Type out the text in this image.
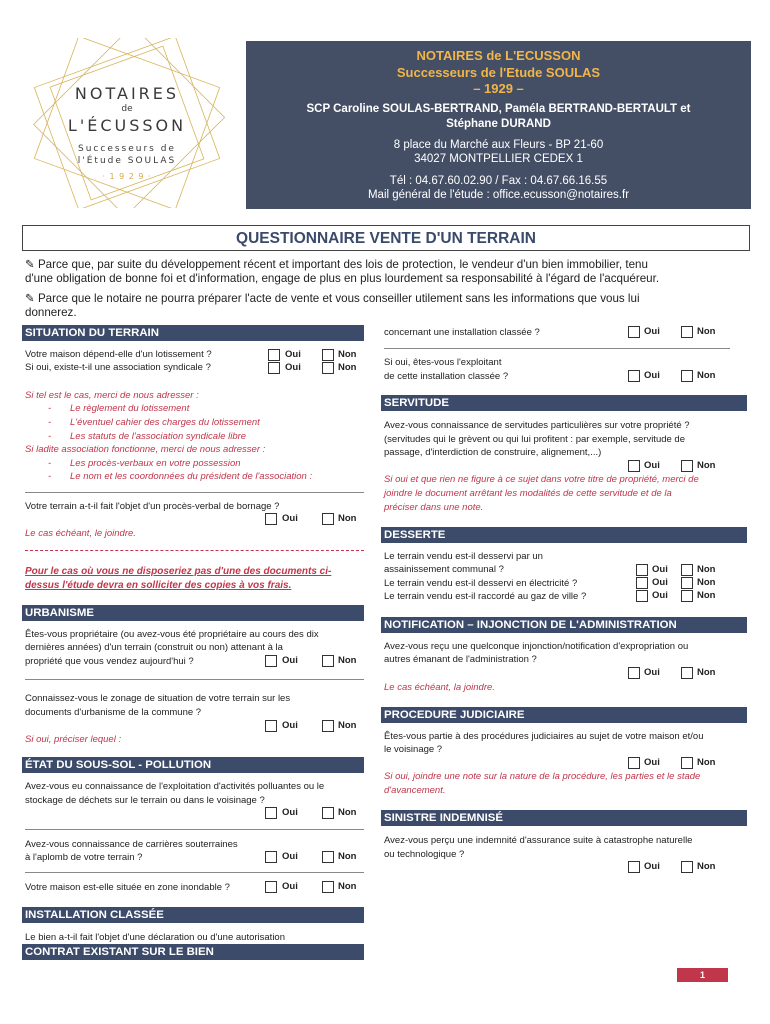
NOTAIRES
de
L'ÉCUSSON
Successeurs de
l'Étude SOULAS
· 1 9 2 9 ·
NOTAIRES de L'ECUSSON
Successeurs de l'Etude SOULAS
– 1929 –
SCP Caroline SOULAS-BERTRAND, Paméla BERTRAND-BERTAULT et
Stéphane DURAND
8 place du Marché aux Fleurs - BP 21-60
34027 MONTPELLIER CEDEX 1
Tél : 04.67.60.02.90 / Fax : 04.67.66.16.55
Mail général de l'étude : office.ecusson@notaires.fr
QUESTIONNAIRE VENTE D'UN TERRAIN
✎ Parce que, par suite du développement récent et important des lois de protection, le vendeur d'un bien immobilier, tenu
d'une obligation de bonne foi et d'information, engage de plus en plus lourdement sa responsabilité à l'égard de l'acquéreur.
✎ Parce que le notaire ne pourra préparer l'acte de vente et vous conseiller utilement sans les informations que vous lui
donnerez.
SITUATION DU TERRAIN
Votre maison dépend-elle d'un lotissement ?
Si oui, existe-t-il une association syndicale ?
Oui	Non
Oui	Non
Si tel est le cas, merci de nous adresser :
- Le règlement du lotissement
- L'éventuel cahier des charges du lotissement
- Les statuts de l'association syndicale libre
Si ladite association fonctionne, merci de nous adresser :
- Les procès-verbaux en votre possession
- Le nom et les coordonnées du président de l'association :
Votre terrain a-t-il fait l'objet d'un procès-verbal de bornage ?
Oui	Non
Le cas échéant, le joindre.
Pour le cas où vous ne disposeriez pas d'une des documents ci-
dessus l'étude devra en solliciter des copies à vos frais.
URBANISME
Êtes-vous propriétaire (ou avez-vous été propriétaire au cours des dix
dernières années) d'un terrain (construit ou non) attenant à la
propriété que vous vendez aujourd'hui ?	Oui	Non
Connaissez-vous le zonage de situation de votre terrain sur les
documents d'urbanisme de la commune ?
Oui	Non
Si oui, préciser lequel :
ÉTAT DU SOUS-SOL - POLLUTION
Avez-vous eu connaissance de l'exploitation d'activités polluantes ou le
stockage de déchets sur le terrain ou dans le voisinage ?
Oui	Non
Avez-vous connaissance de carrières souterraines
à l'aplomb de votre terrain ?	Oui	Non
Votre maison est-elle située en zone inondable ?	Oui	Non
INSTALLATION CLASSÉE
Le bien a-t-il fait l'objet d'une déclaration ou d'une autorisation
CONTRAT EXISTANT SUR LE BIEN
concernant une installation classée ?	Oui	Non
Si oui, êtes-vous l'exploitant
de cette installation classée ?	Oui	Non
SERVITUDE
Avez-vous connaissance de servitudes particulières sur votre propriété ?
(servitudes qui le grèvent ou qui lui profitent : par exemple, servitude de
passage, d'interdiction de construire, alignement,...)
Oui	Non
Si oui et que rien ne figure à ce sujet dans votre titre de propriété, merci de
joindre le document arrêtant les modalités de cette servitude et de la
préciser dans une note.
DESSERTE
Le terrain vendu est-il desservi par un
assainissement communal ?
Le terrain vendu est-il desservi en électricité ?
Le terrain vendu est-il raccordé au gaz de ville ?
Oui	Non
Oui	Non
Oui	Non
NOTIFICATION – INJONCTION DE L'ADMINISTRATION
Avez-vous reçu une quelconque injonction/notification d'expropriation ou
autres émanant de l'administration ?
Oui	Non
Le cas échéant, la joindre.
PROCEDURE JUDICIAIRE
Êtes-vous partie à des procédures judiciaires au sujet de votre maison et/ou
le voisinage ?
Oui	Non
Si oui, joindre une note sur la nature de la procédure, les parties et le stade
d'avancement.
SINISTRE INDEMNISÉ
Avez-vous perçu une indemnité d'assurance suite à catastrophe naturelle
ou technologique ?
Oui	Non
1
